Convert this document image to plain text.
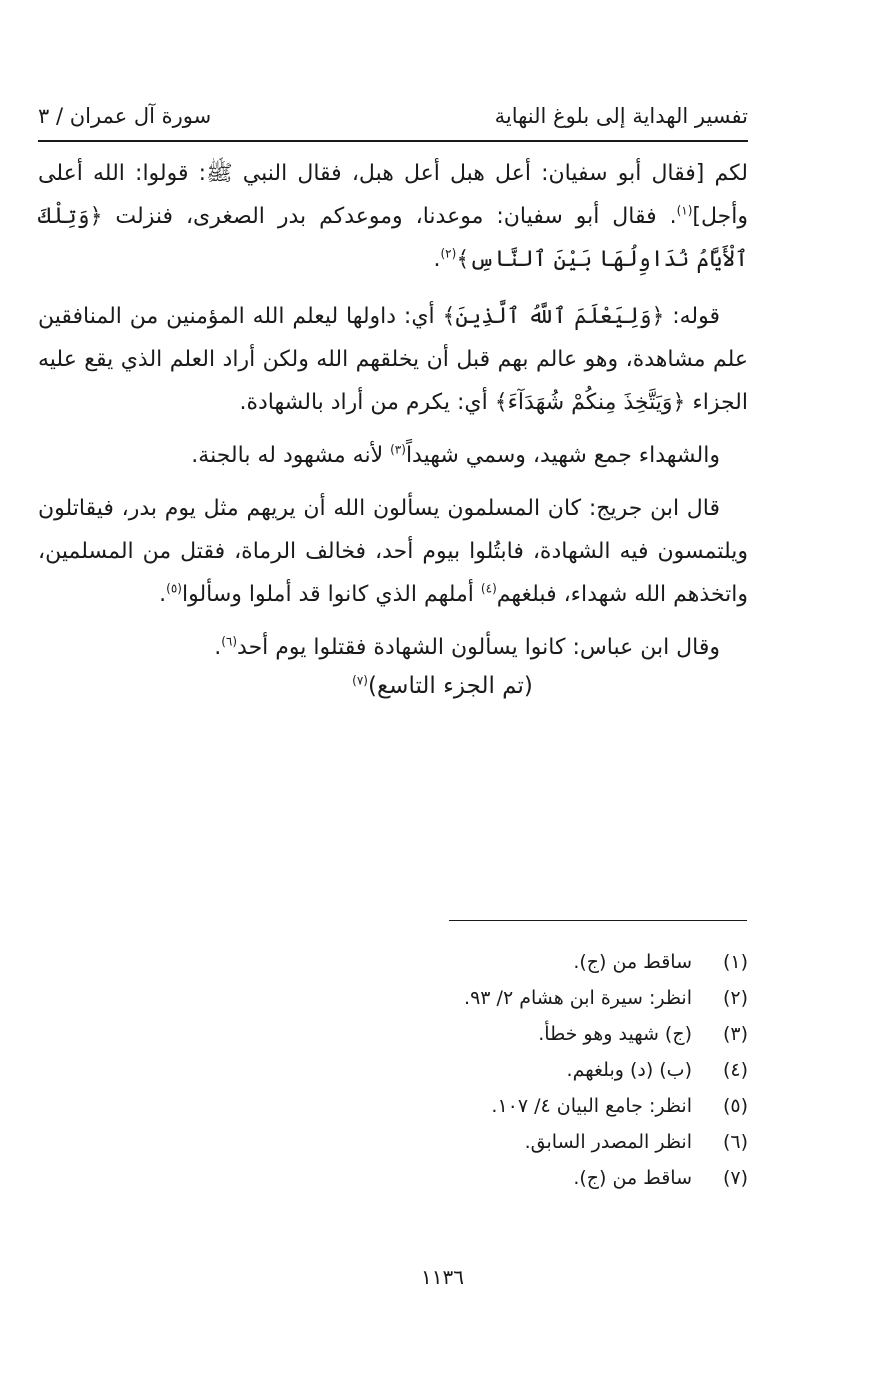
تفسير الهداية إلى بلوغ النهاية
سورة آل عمران / ٣

لكم [فقال أبو سفيان: أعل هبل أعل هبل، فقال النبي ﷺ: قولوا: الله أعلى وأجل]$^{(١)}$. فقال أبو سفيان: موعدنا، وموعدكم بدر الصغرى، فنزلت ﴿وَتِلْكَ ٱلْأَيَّامُ نُدَاوِلُهَا بَيْنَ ٱلنَّاسِ﴾$^{(٢)}$.

قوله: ﴿وَلِيَعْلَمَ ٱللَّهُ ٱلَّذِينَ﴾ أي: داولها ليعلم الله المؤمنين من المنافقين علم مشاهدة، وهو عالم بهم قبل أن يخلقهم الله ولكن أراد العلم الذي يقع عليه الجزاء ﴿وَيَتَّخِذَ مِنكُمْ شُهَدَآءَ﴾ أي: يكرم من أراد بالشهادة.

والشهداء جمع شهيد، وسمي شهيداً$^{(٣)}$ لأنه مشهود له بالجنة.

قال ابن جريج: كان المسلمون يسألون الله أن يريهم مثل يوم بدر، فيقاتلون ويلتمسون فيه الشهادة، فابتُلوا بيوم أحد، فخالف الرماة، فقتل من المسلمين، واتخذهم الله شهداء، فبلغهم$^{(٤)}$ أملهم الذي كانوا قد أملوا وسألوا$^{(٥)}$.

وقال ابن عباس: كانوا يسألون الشهادة فقتلوا يوم أحد$^{(٦)}$.

(تم الجزء التاسع)$^{(٧)}$
(١)
ساقط من (ج).
(٢)
انظر: سيرة ابن هشام ٢/ ٩٣.
(٣)
(ج) شهيد وهو خطأ.
(٤)
(ب) (د) وبلغهم.
(٥)
انظر: جامع البيان ٤/ ١٠٧.
(٦)
انظر المصدر السابق.
(٧)
ساقط من (ج).
١١٣٦
